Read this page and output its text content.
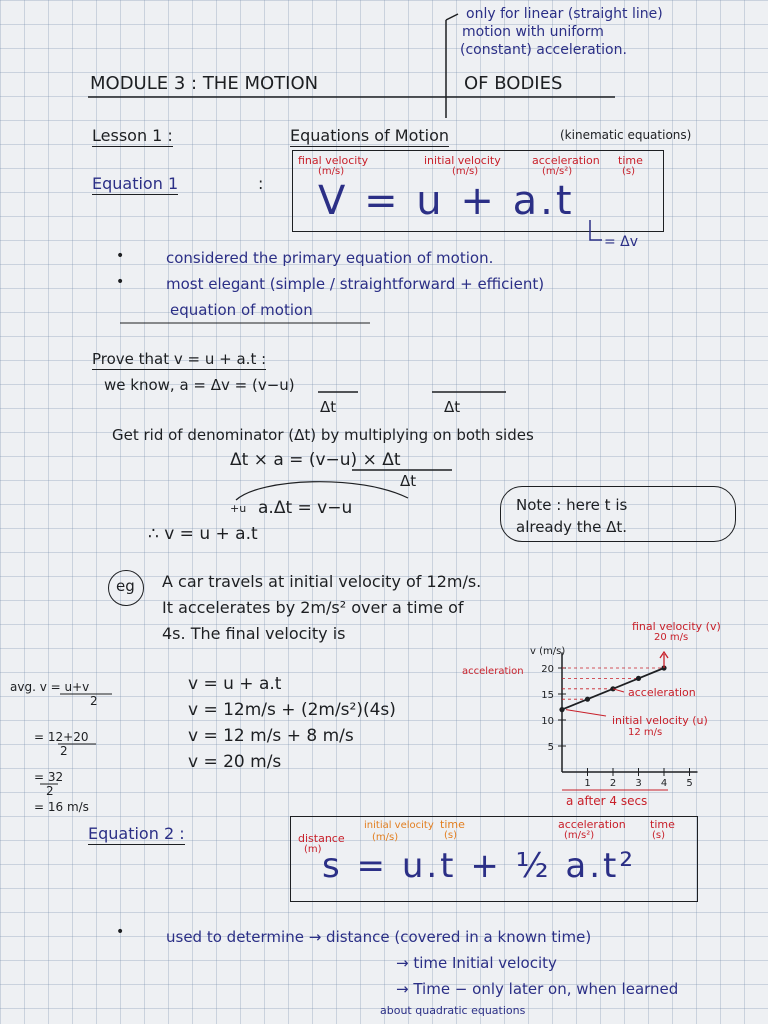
only for linear (straight line)
motion with uniform
(constant) acceleration.
MODULE 3 : THE MOTION	OF BODIES
Lesson 1 :	Equations of Motion	(kinematic equations)
Equation 1	:
final velocity
(m/s)
initial velocity
(m/s)
acceleration
(m/s²)
time
(s)
V = u + a.t
= Δv
•	considered the primary equation of motion.
•	most elegant (simple / straightforward + efficient)
equation of motion
Prove that v = u + a.t :
we know, a = Δv = (v−u)
Δt	Δt
Get rid of denominator (Δt) by multiplying on both sides
Δt × a = (v−u) × Δt
Δt
+u a.Δt = v−u
∴ v = u + a.t
Note : here t is
already the Δt.
eg A car travels at initial velocity of 12m/s.
It accelerates by 2m/s² over a time of
4s. The final velocity is
v = u + a.t
v = 12m/s + (2m/s²)(4s)
v = 12 m/s + 8 m/s
v = 20 m/s
avg. v = u+v
2
= 12+20
2
= 32
2
= 16 m/s
v (m/s)
final velocity (v)
20 m/s
acceleration
acceleration
initial velocity (u)
12 m/s
a after 4 secs
5
10
15
20
1 2 3 4 5
Equation 2 :	distance
(m)
initial velocity
(m/s)
time
(s)
acceleration
(m/s²)
time
(s)
s = u.t + ½ a.t²
•	used to determine → distance (covered in a known time)
→ time Initial velocity
→ Time − only later on, when learned
about quadratic equations
